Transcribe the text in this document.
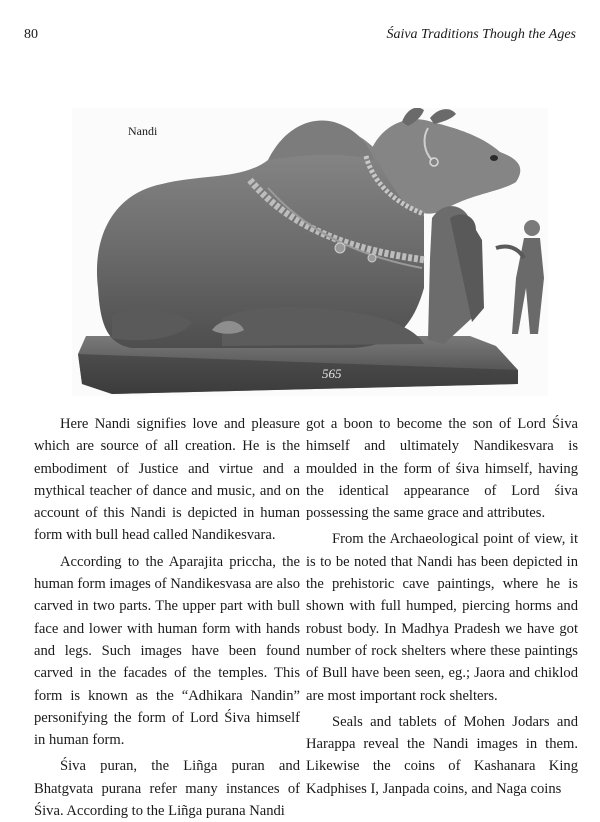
80	Śaiva Traditions Though the Ages
565
Nandi

Here Nandi signifies love and pleasure which are source of all creation. He is the embodiment of Justice and virtue and a mythical teacher of dance and music, and on account of this Nandi is depicted in human form with bull head called Nandikesvara.

According to the Aparajita priccha, the human form images of Nandikesvasa are also carved in two parts. The upper part with bull face and lower with human form with hands and legs. Such images have been found carved in the facades of the temples. This form is known as the “Adhikara Nandin” personifying the form of Lord Śiva himself in human form.

Śiva puran, the Liñga puran and Bhatgvata purana refer many instances of Śiva. According to the Liñga purana Nandi

got a boon to become the son of Lord Śiva himself and ultimately Nandikesvara is moulded in the form of śiva himself, having the identical appearance of Lord śiva possessing the same grace and attributes.

From the Archaeological point of view, it is to be noted that Nandi has been depicted in the prehistoric cave paintings, where he is shown with full humped, piercing horms and robust body. In Madhya Pradesh we have got number of rock shelters where these paintings of Bull have been seen, eg.; Jaora and chiklod are most important rock shelters.

Seals and tablets of Mohen Jodars and Harappa reveal the Nandi images in them. Likewise the coins of Kashanara King Kadphises I, Janpada coins, and Naga coins
